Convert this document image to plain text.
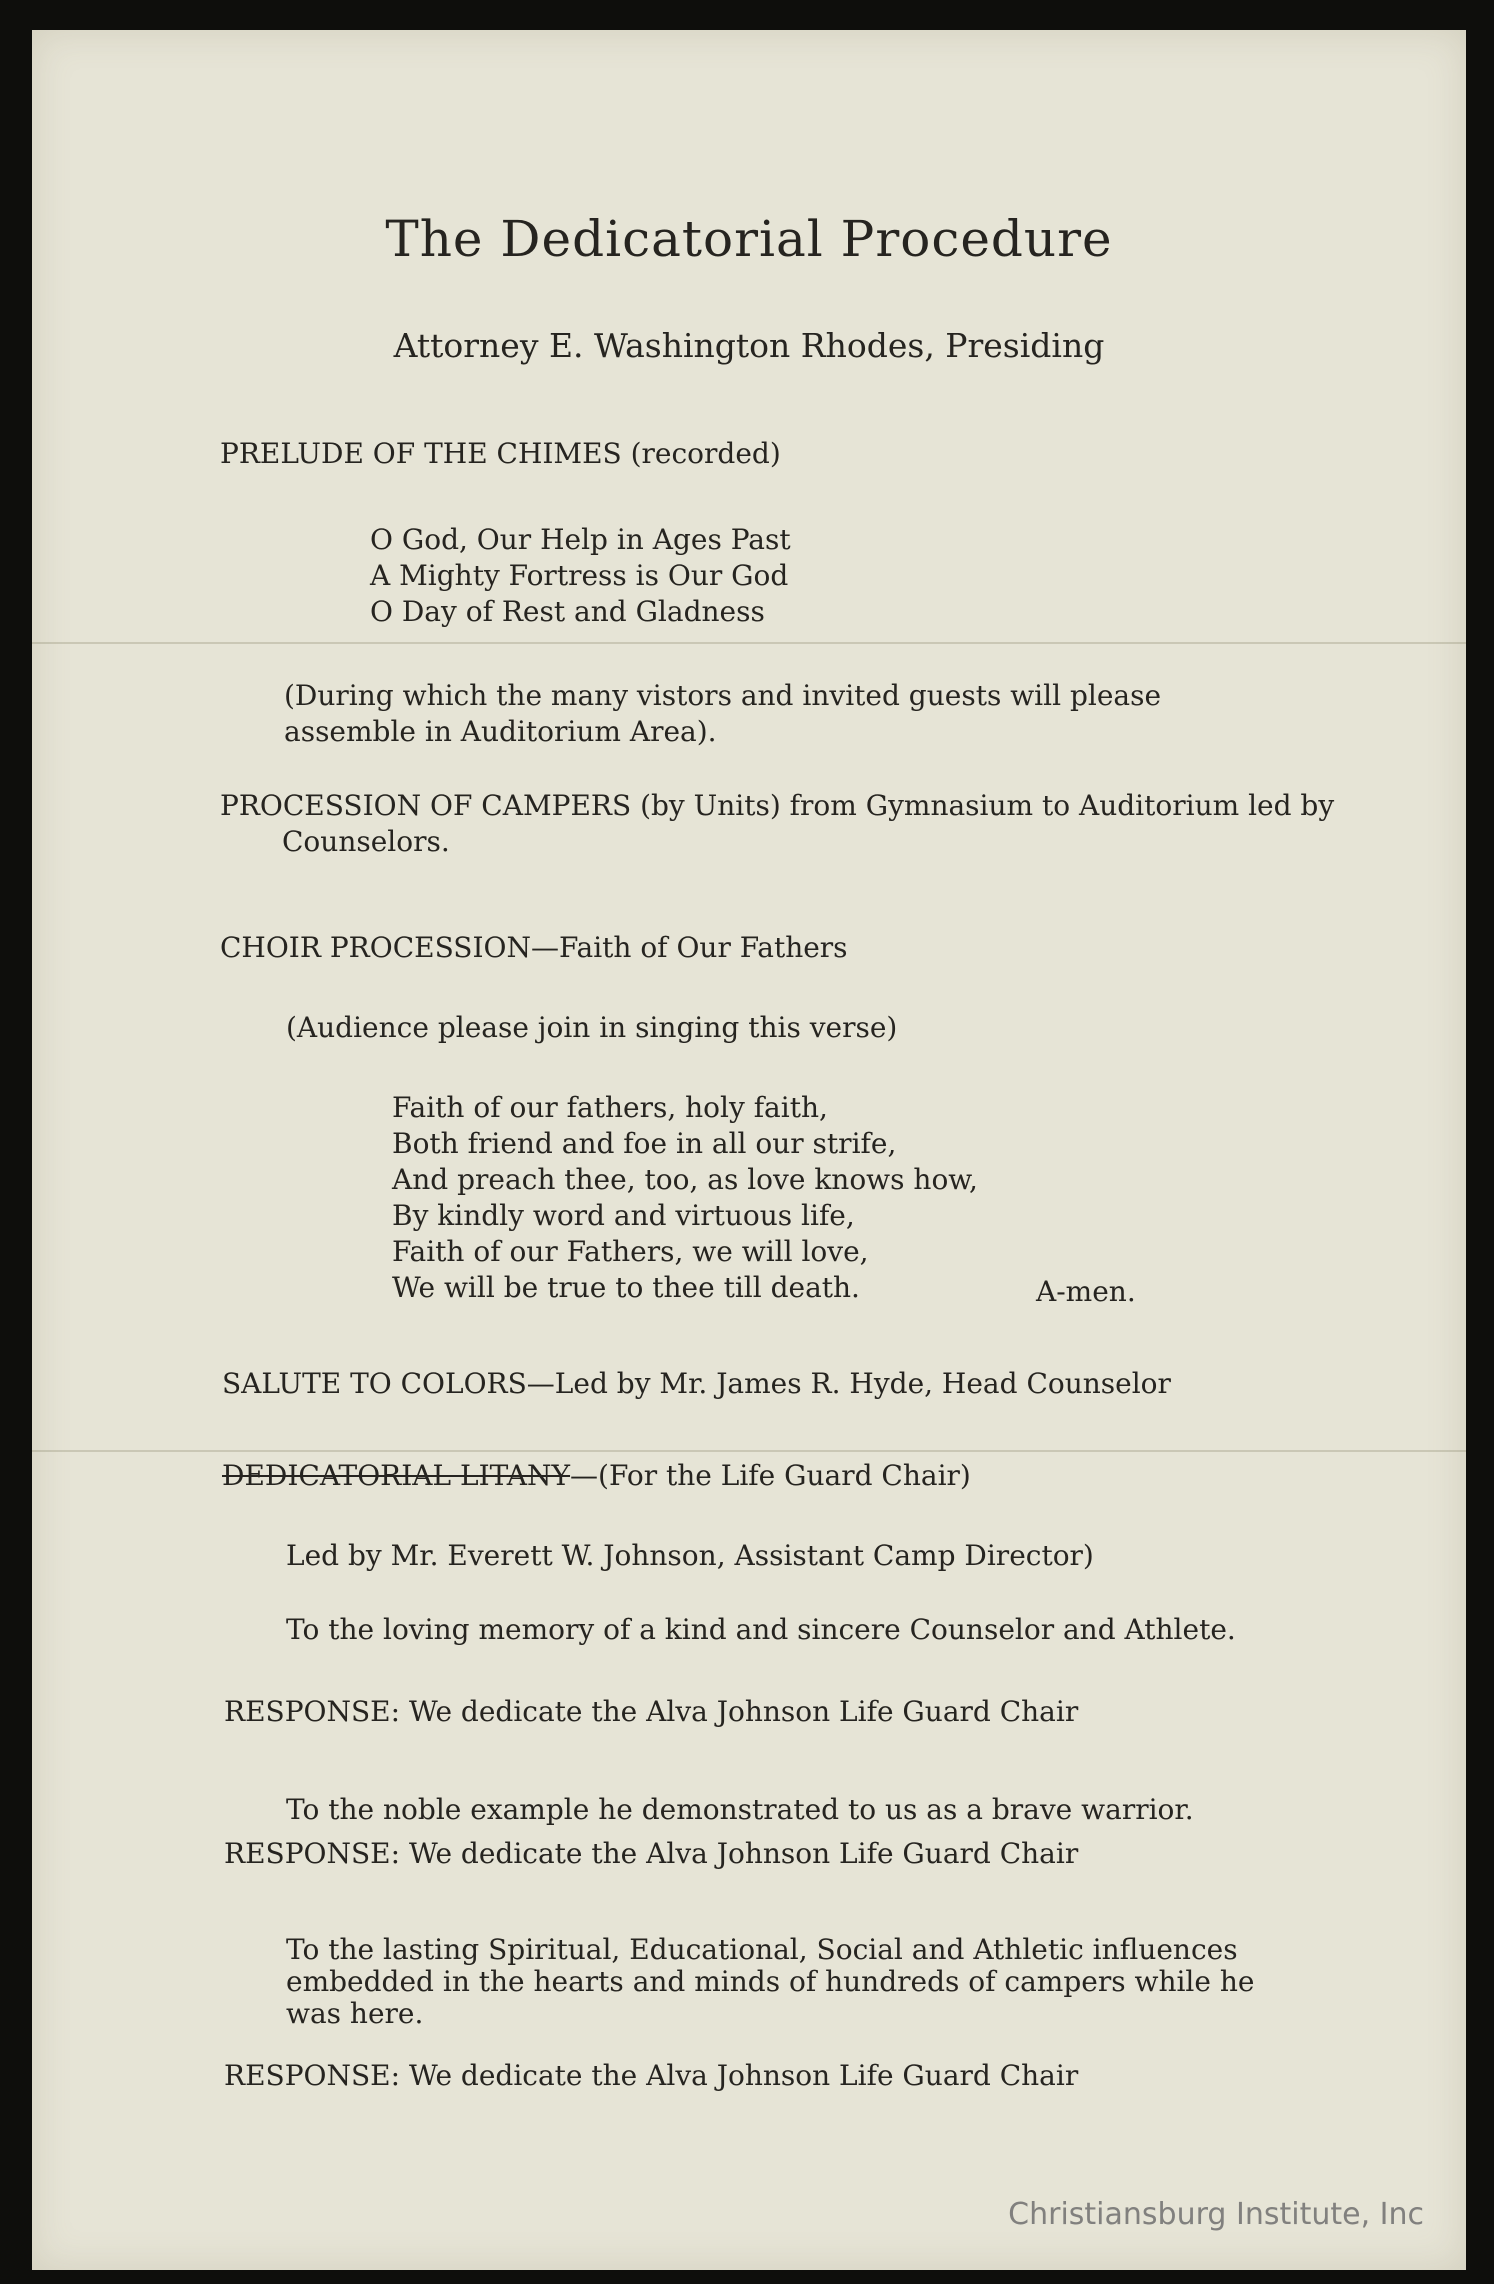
The Dedicatorial Procedure
Attorney E. Washington Rhodes, Presiding
PRELUDE OF THE CHIMES (recorded)
O God, Our Help in Ages Past
A Mighty Fortress is Our God
O Day of Rest and Gladness
(During which the many vistors and invited guests will please assemble in Auditorium Area).
PROCESSION OF CAMPERS (by Units) from Gymnasium to Auditorium led by Counselors.
CHOIR PROCESSION—Faith of Our Fathers
(Audience please join in singing this verse)
Faith of our fathers, holy faith,
Both friend and foe in all our strife,
And preach thee, too, as love knows how,
By kindly word and virtuous life,
Faith of our Fathers, we will love,
We will be true to thee till death.	A-men.
SALUTE TO COLORS—Led by Mr. James R. Hyde, Head Counselor
DEDICATORIAL LITANY—(For the Life Guard Chair)
Led by Mr. Everett W. Johnson, Assistant Camp Director)
To the loving memory of a kind and sincere Counselor and Athlete.
RESPONSE: We dedicate the Alva Johnson Life Guard Chair
To the noble example he demonstrated to us as a brave warrior.
RESPONSE: We dedicate the Alva Johnson Life Guard Chair
To the lasting Spiritual, Educational, Social and Athletic influences embedded in the hearts and minds of hundreds of campers while he was here.
RESPONSE: We dedicate the Alva Johnson Life Guard Chair
Christiansburg Institute, Inc
